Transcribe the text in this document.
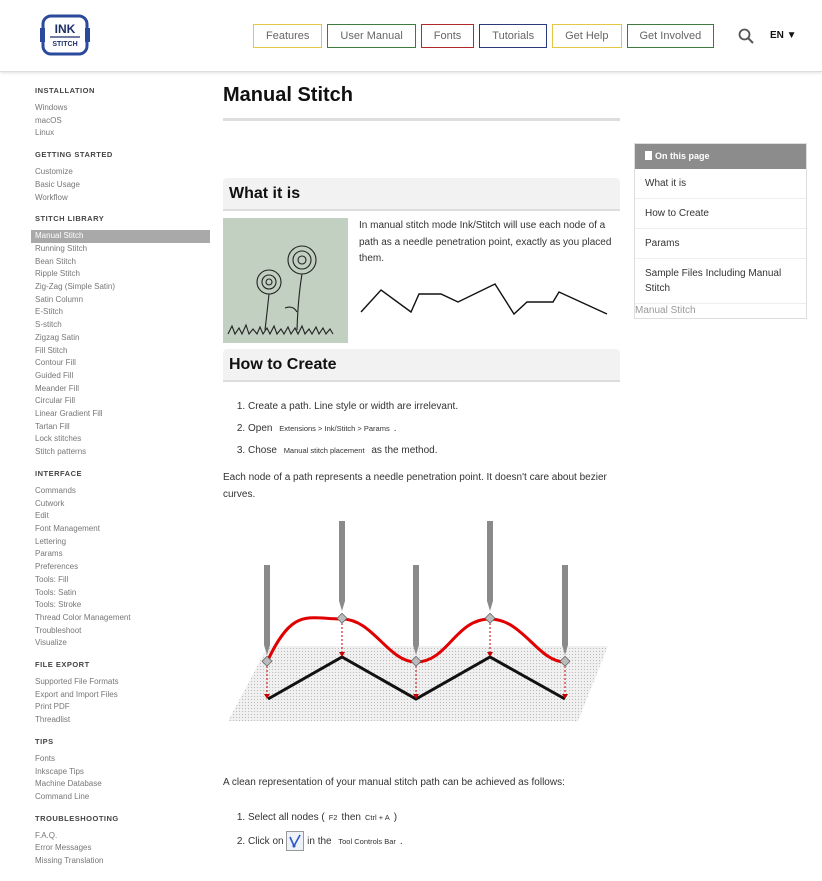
INK
STITCH
Features	User Manual	Fonts	Tutorials	Get Help	Get Involved	EN ▼
INSTALLATION
Windows
macOS
Linux
GETTING STARTED
Customize
Basic Usage
Workflow
STITCH LIBRARY
Manual Stitch
Running Stitch
Bean Stitch
Ripple Stitch
Zig-Zag (Simple Satin)
Satin Column
E-Stitch
S-stitch
Zigzag Satin
Fill Stitch
Contour Fill
Guided Fill
Meander Fill
Circular Fill
Linear Gradient Fill
Tartan Fill
Lock stitches
Stitch patterns
INTERFACE
Commands
Cutwork
Edit
Font Management
Lettering
Params
Preferences
Tools: Fill
Tools: Satin
Tools: Stroke
Thread Color Management
Troubleshoot
Visualize
FILE EXPORT
Supported File Formats
Export and Import Files
Print PDF
Threadlist
TIPS
Fonts
Inkscape Tips
Machine Database
Command Line
TROUBLESHOOTING
F.A.Q.
Error Messages
Missing Translation
Manual Stitch
What it is
In manual stitch mode Ink/Stitch will use each node of a path as a needle penetration point, exactly as you placed them.
How to Create
1. Create a path. Line style or width are irrelevant.
2. Open Extensions > Ink/Stitch > Params .
3. Chose Manual stitch placement as the method.
Each node of a path represents a needle penetration point. It doesn't care about bezier curves.
A clean representation of your manual stitch path can be achieved as follows:
1. Select all nodes ( F2 then Ctrl + A )
2. Click on in the Tool Controls Bar .
On this page
What it is
How to Create
Params
Sample Files Including Manual Stitch
Manual Stitch
